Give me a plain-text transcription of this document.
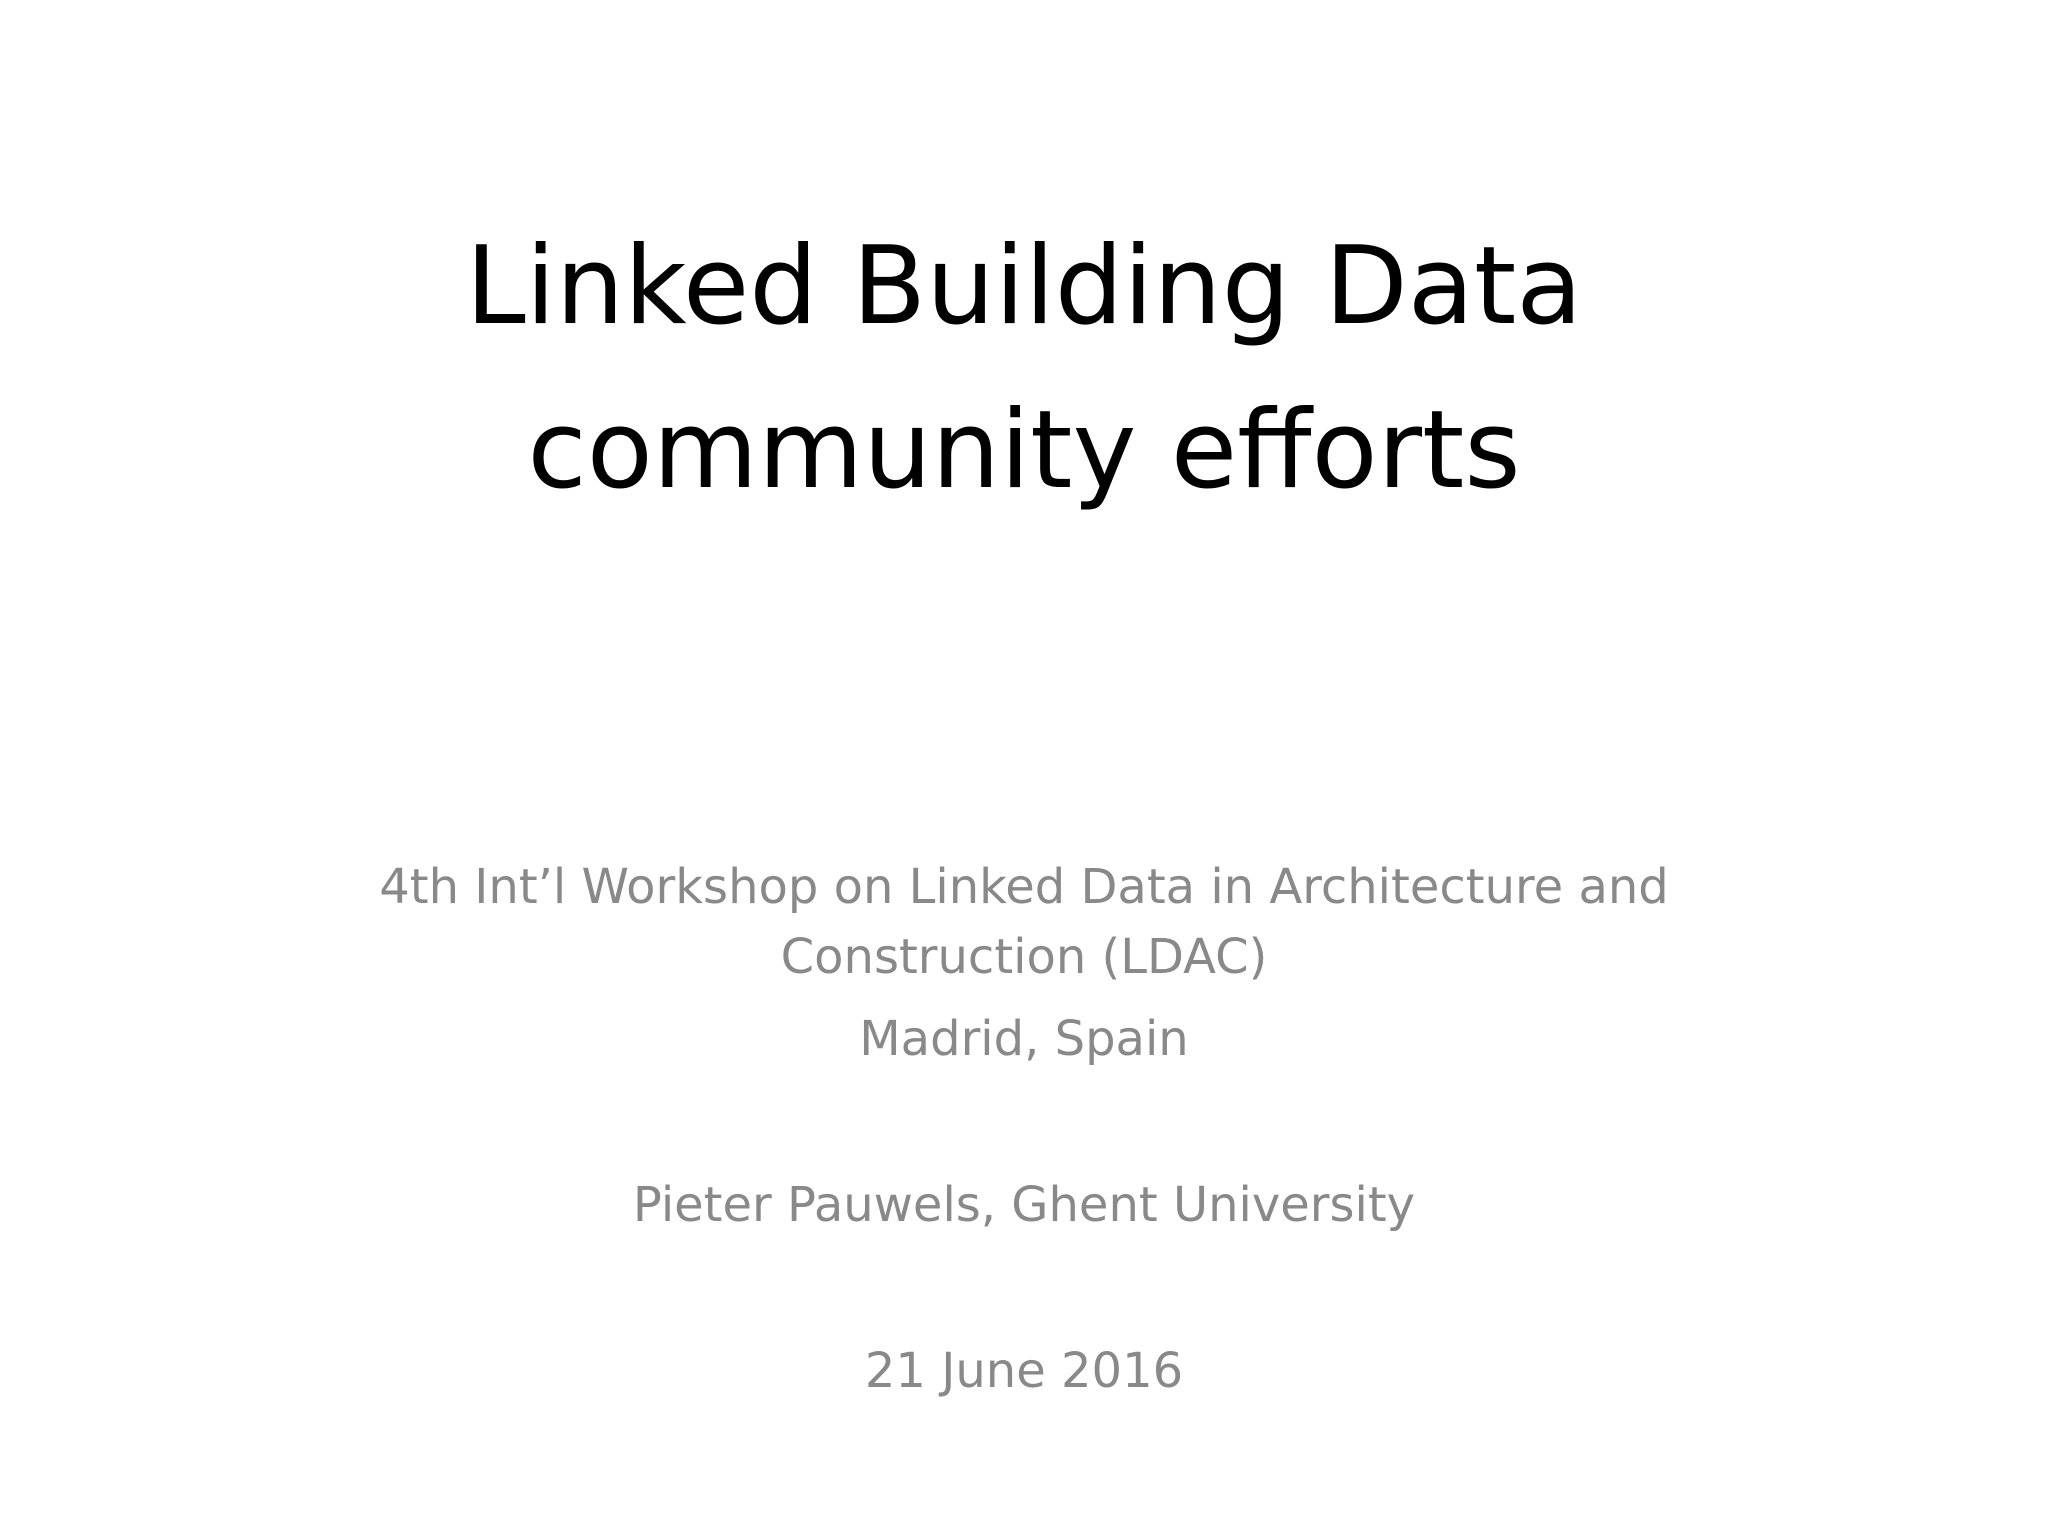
Linked Building Data
community efforts
4th Int’l Workshop on Linked Data in Architecture and
Construction (LDAC)
Madrid, Spain
Pieter Pauwels, Ghent University
21 June 2016
